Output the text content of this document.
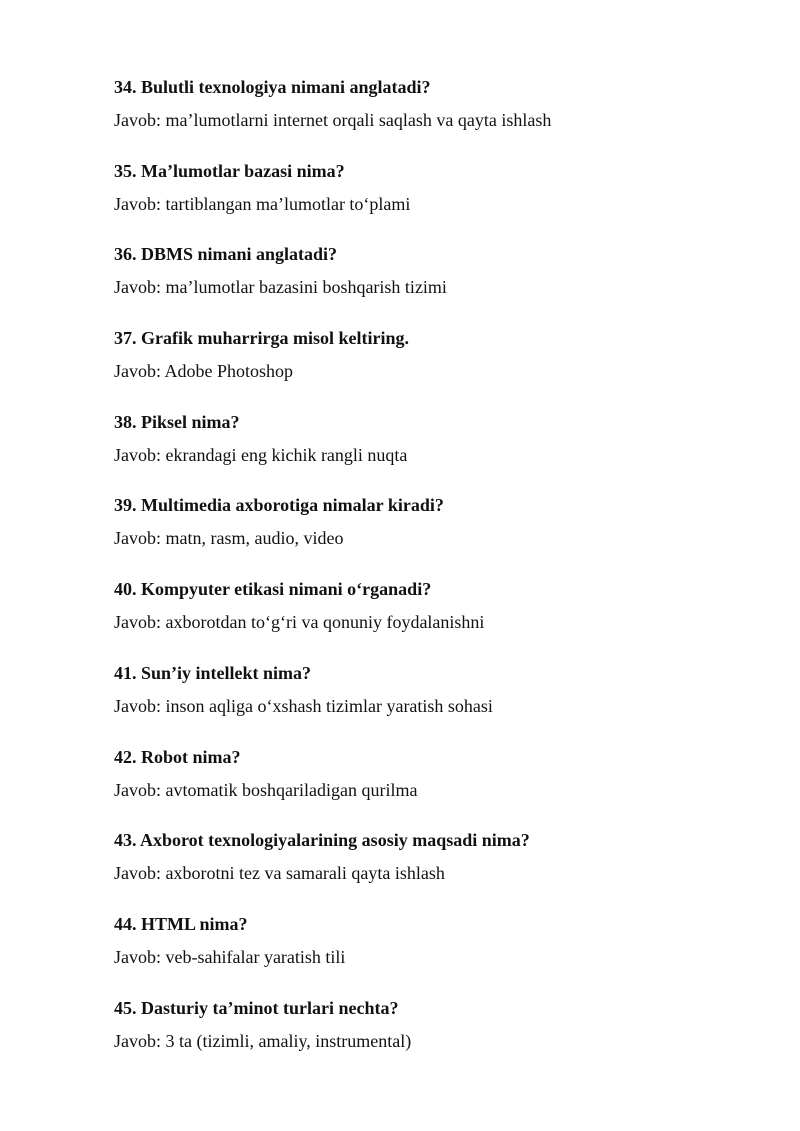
34. Bulutli texnologiya nimani anglatadi?

Javob: ma’lumotlarni internet orqali saqlash va qayta ishlash

35. Ma’lumotlar bazasi nima?

Javob: tartiblangan ma’lumotlar to‘plami

36. DBMS nimani anglatadi?

Javob: ma’lumotlar bazasini boshqarish tizimi

37. Grafik muharrirga misol keltiring.

Javob: Adobe Photoshop

38. Piksel nima?

Javob: ekrandagi eng kichik rangli nuqta

39. Multimedia axborotiga nimalar kiradi?

Javob: matn, rasm, audio, video

40. Kompyuter etikasi nimani o‘rganadi?

Javob: axborotdan to‘g‘ri va qonuniy foydalanishni

41. Sun’iy intellekt nima?

Javob: inson aqliga o‘xshash tizimlar yaratish sohasi

42. Robot nima?

Javob: avtomatik boshqariladigan qurilma

43. Axborot texnologiyalarining asosiy maqsadi nima?

Javob: axborotni tez va samarali qayta ishlash

44. HTML nima?

Javob: veb-sahifalar yaratish tili

45. Dasturiy ta’minot turlari nechta?

Javob: 3 ta (tizimli, amaliy, instrumental)
